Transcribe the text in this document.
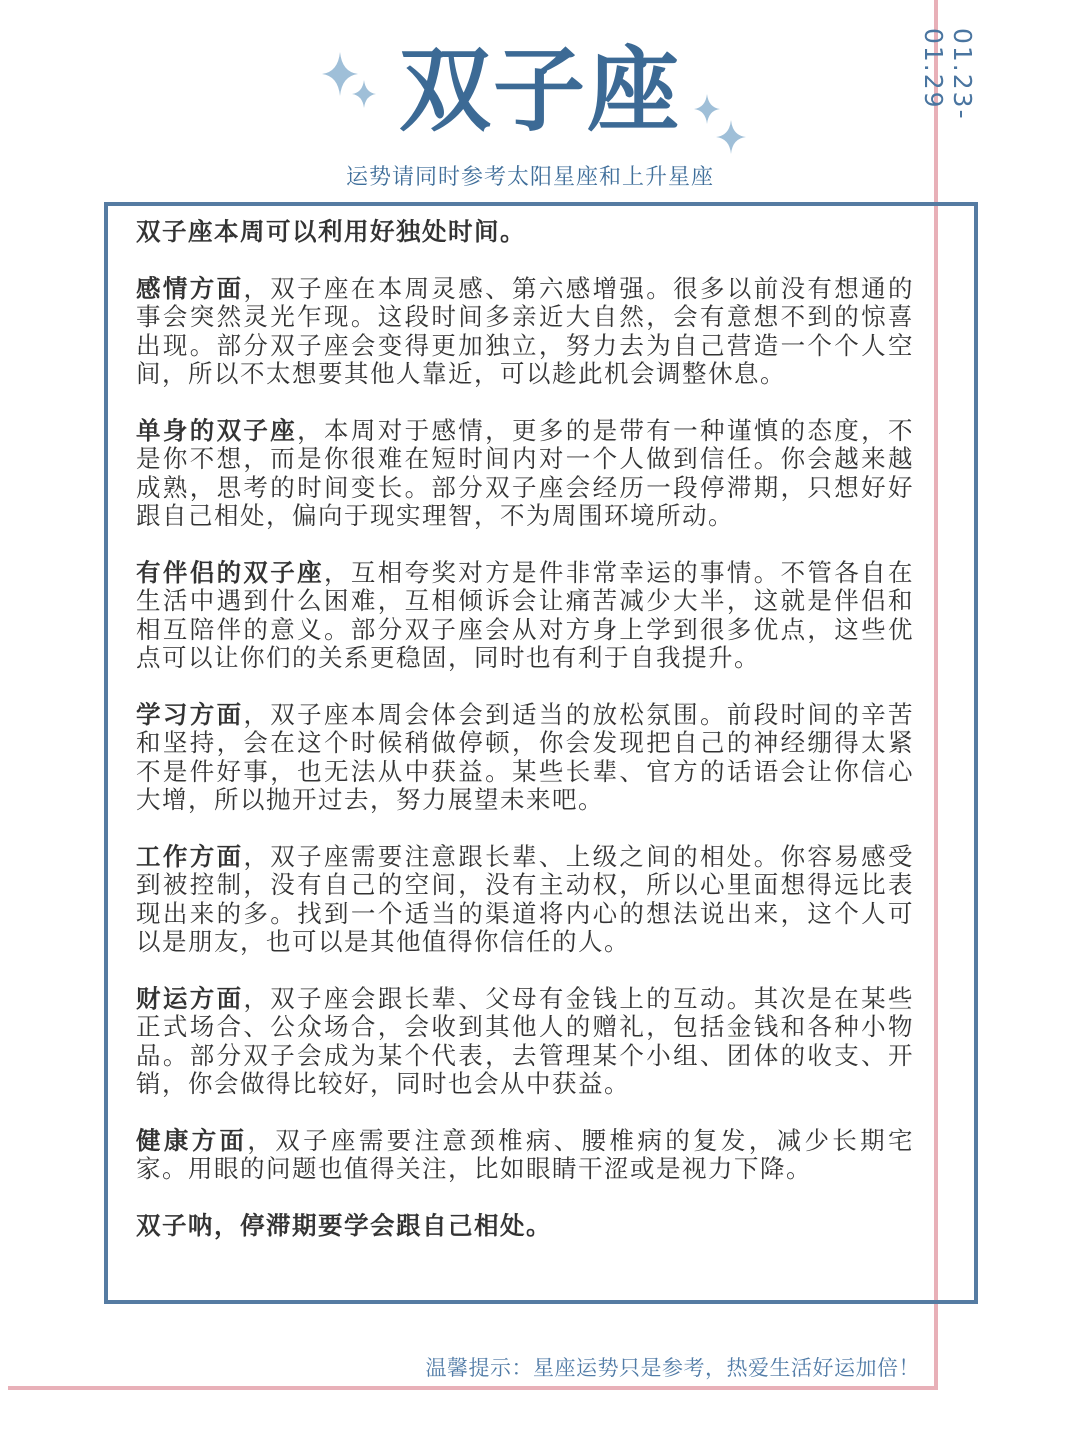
01.23-01.29
双子座
运势请同时参考太阳星座和上升星座

双子座本周可以利用好独处时间。

感情方面，双子座在本周灵感、第六感增强。很多以前没有想通的事会突然灵光乍现。这段时间多亲近大自然，会有意想不到的惊喜出现。部分双子座会变得更加独立，努力去为自己营造一个个人空间，所以不太想要其他人靠近，可以趁此机会调整休息。

单身的双子座，本周对于感情，更多的是带有一种谨慎的态度，不是你不想，而是你很难在短时间内对一个人做到信任。你会越来越成熟，思考的时间变长。部分双子座会经历一段停滞期，只想好好跟自己相处，偏向于现实理智，不为周围环境所动。

有伴侣的双子座，互相夸奖对方是件非常幸运的事情。不管各自在生活中遇到什么困难，互相倾诉会让痛苦减少大半，这就是伴侣和相互陪伴的意义。部分双子座会从对方身上学到很多优点，这些优点可以让你们的关系更稳固，同时也有利于自我提升。

学习方面，双子座本周会体会到适当的放松氛围。前段时间的辛苦和坚持，会在这个时候稍做停顿，你会发现把自己的神经绷得太紧不是件好事，也无法从中获益。某些长辈、官方的话语会让你信心大增，所以抛开过去，努力展望未来吧。

工作方面，双子座需要注意跟长辈、上级之间的相处。你容易感受到被控制，没有自己的空间，没有主动权，所以心里面想得远比表现出来的多。找到一个适当的渠道将内心的想法说出来，这个人可以是朋友，也可以是其他值得你信任的人。

财运方面，双子座会跟长辈、父母有金钱上的互动。其次是在某些正式场合、公众场合，会收到其他人的赠礼，包括金钱和各种小物品。部分双子会成为某个代表，去管理某个小组、团体的收支、开销，你会做得比较好，同时也会从中获益。

健康方面，双子座需要注意颈椎病、腰椎病的复发，减少长期宅家。用眼的问题也值得关注，比如眼睛干涩或是视力下降。

双子呐，停滞期要学会跟自己相处。

温馨提示：星座运势只是参考，热爱生活好运加倍！
